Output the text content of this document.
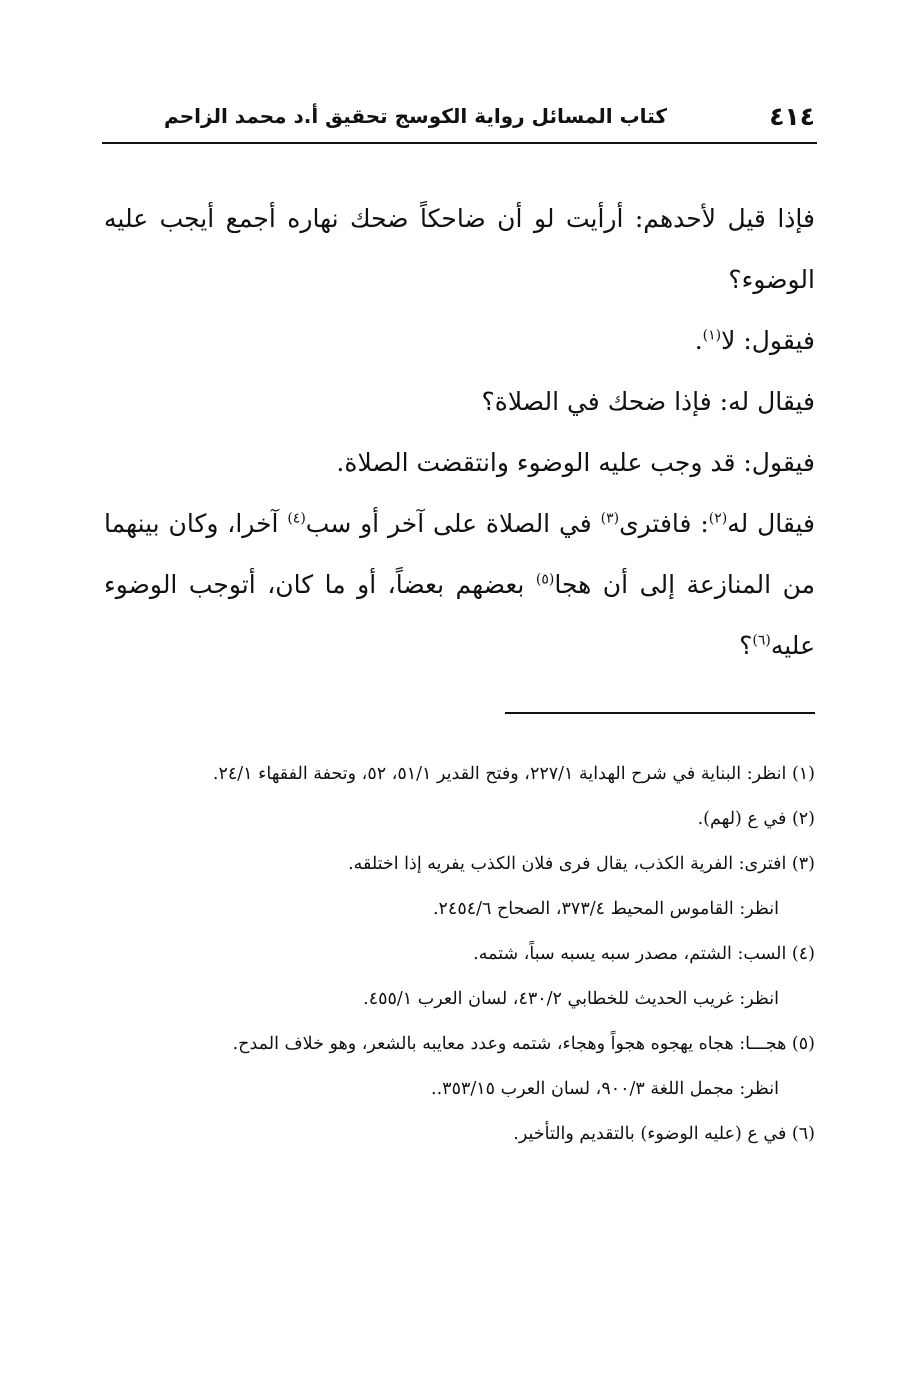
٤١٤
كتاب المسائل رواية الكوسج تحقيق أ.د محمد الزاحم

فإذا قيل لأحدهم: أرأيت لو أن ضاحكاً ضحك نهاره أجمع أيجب عليه الوضوء؟

فيقول: لا$^{(١)}$.

فيقال له: فإذا ضحك في الصلاة؟

فيقول: قد وجب عليه الوضوء وانتقضت الصلاة.

فيقال له$^{(٢)}$: فافترى$^{(٣)}$ في الصلاة على آخر أو سب$^{(٤)}$ آخرا، وكان بينهما من المنازعة إلى أن هجا$^{(٥)}$ بعضهم بعضاً، أو ما كان، أتوجب الوضوء عليه$^{(٦)}$؟

(١) انظر: البناية في شرح الهداية ٢٢٧/١، وفتح القدير ٥١/١، ٥٢، وتحفة الفقهاء ٢٤/١.

(٢) في ع (لهم).

(٣) افترى: الفرية الكذب، يقال فرى فلان الكذب يفريه إذا اختلقه.

انظر: القاموس المحيط ٣٧٣/٤، الصحاح ٢٤٥٤/٦.

(٤) السب: الشتم، مصدر سبه يسبه سباً، شتمه.

انظر: غريب الحديث للخطابي ٤٣٠/٢، لسان العرب ٤٥٥/١.

(٥) هجـــا: هجاه يهجوه هجواً وهجاء، شتمه وعدد معايبه بالشعر، وهو خلاف المدح.

انظر: مجمل اللغة ٩٠٠/٣، لسان العرب ٣٥٣/١٥..

(٦) في ع (عليه الوضوء) بالتقديم والتأخير.
